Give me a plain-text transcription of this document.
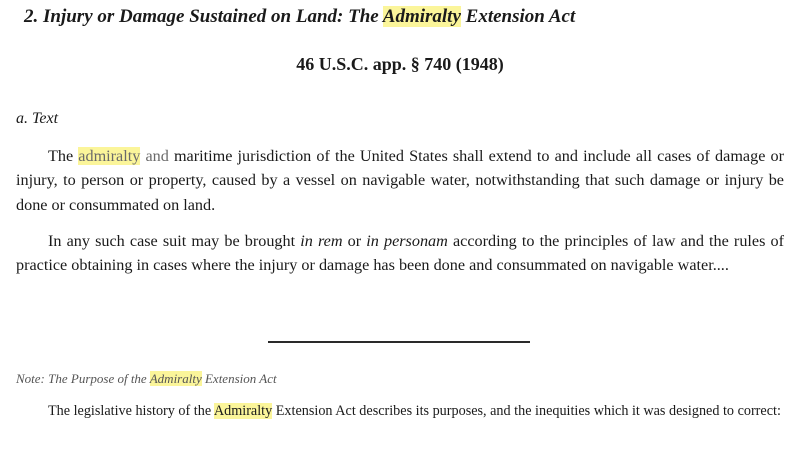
2. Injury or Damage Sustained on Land: The Admiralty Extension Act
46 U.S.C. app. § 740 (1948)
a. Text
The admiralty and maritime jurisdiction of the United States shall extend to and include all cases of damage or injury, to person or property, caused by a vessel on navigable water, notwithstanding that such damage or injury be done or consummated on land.
In any such case suit may be brought in rem or in personam according to the principles of law and the rules of practice obtaining in cases where the injury or damage has been done and consummated on navigable water....
Note: The Purpose of the Admiralty Extension Act
The legislative history of the Admiralty Extension Act describes its purposes, and the inequities which it was designed to correct:
